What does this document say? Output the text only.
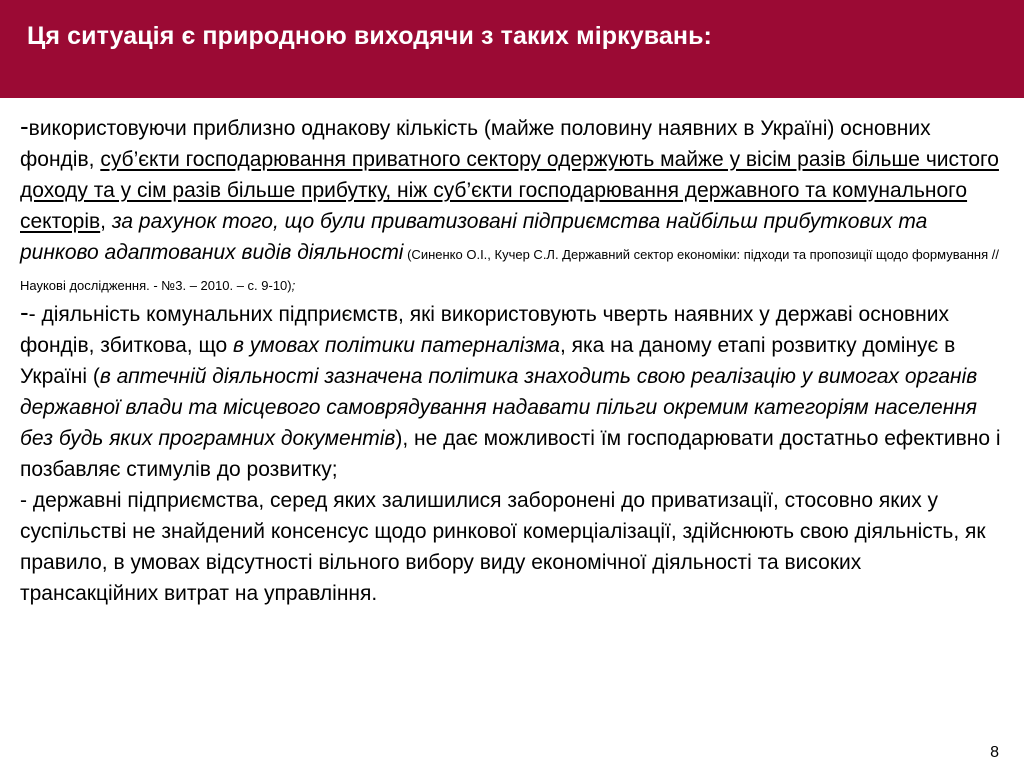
Ця ситуація є природною виходячи з таких міркувань:

-використовуючи приблизно однакову кількість (майже половину наявних в Україні) основних фондів, суб’єкти господарювання приватного сектору одержують майже у вісім разів більше чистого доходу та у сім разів більше прибутку, ніж суб’єкти господарювання державного та комунального секторів, за рахунок того, що були приватизовані підприємства найбільш прибуткових та ринково адаптованих видів діяльності (Синенко О.І., Кучер С.Л. Державний сектор економіки: підходи та пропозиції щодо формування // Наукові дослідження. - №3. – 2010. – с. 9-10);

-- діяльність комунальних підприємств, які використовують чверть наявних у державі основних фондів, збиткова, що в умовах політики патерналізма, яка на даному етапі розвитку домінує в Україні (в аптечній діяльності зазначена політика знаходить свою реалізацію у вимогах органів державної влади та місцевого самоврядування надавати пільги окремим категоріям населення без будь яких програмних документів), не дає можливості їм господарювати достатньо ефективно і позбавляє стимулів до розвитку;

- державні підприємства, серед яких залишилися заборонені до приватизації, стосовно яких у суспільстві не знайдений консенсус щодо ринкової комерціалізації, здійснюють свою діяльність, як правило, в умовах відсутності вільного вибору виду економічної діяльності та високих трансакційних витрат на управління.

8
